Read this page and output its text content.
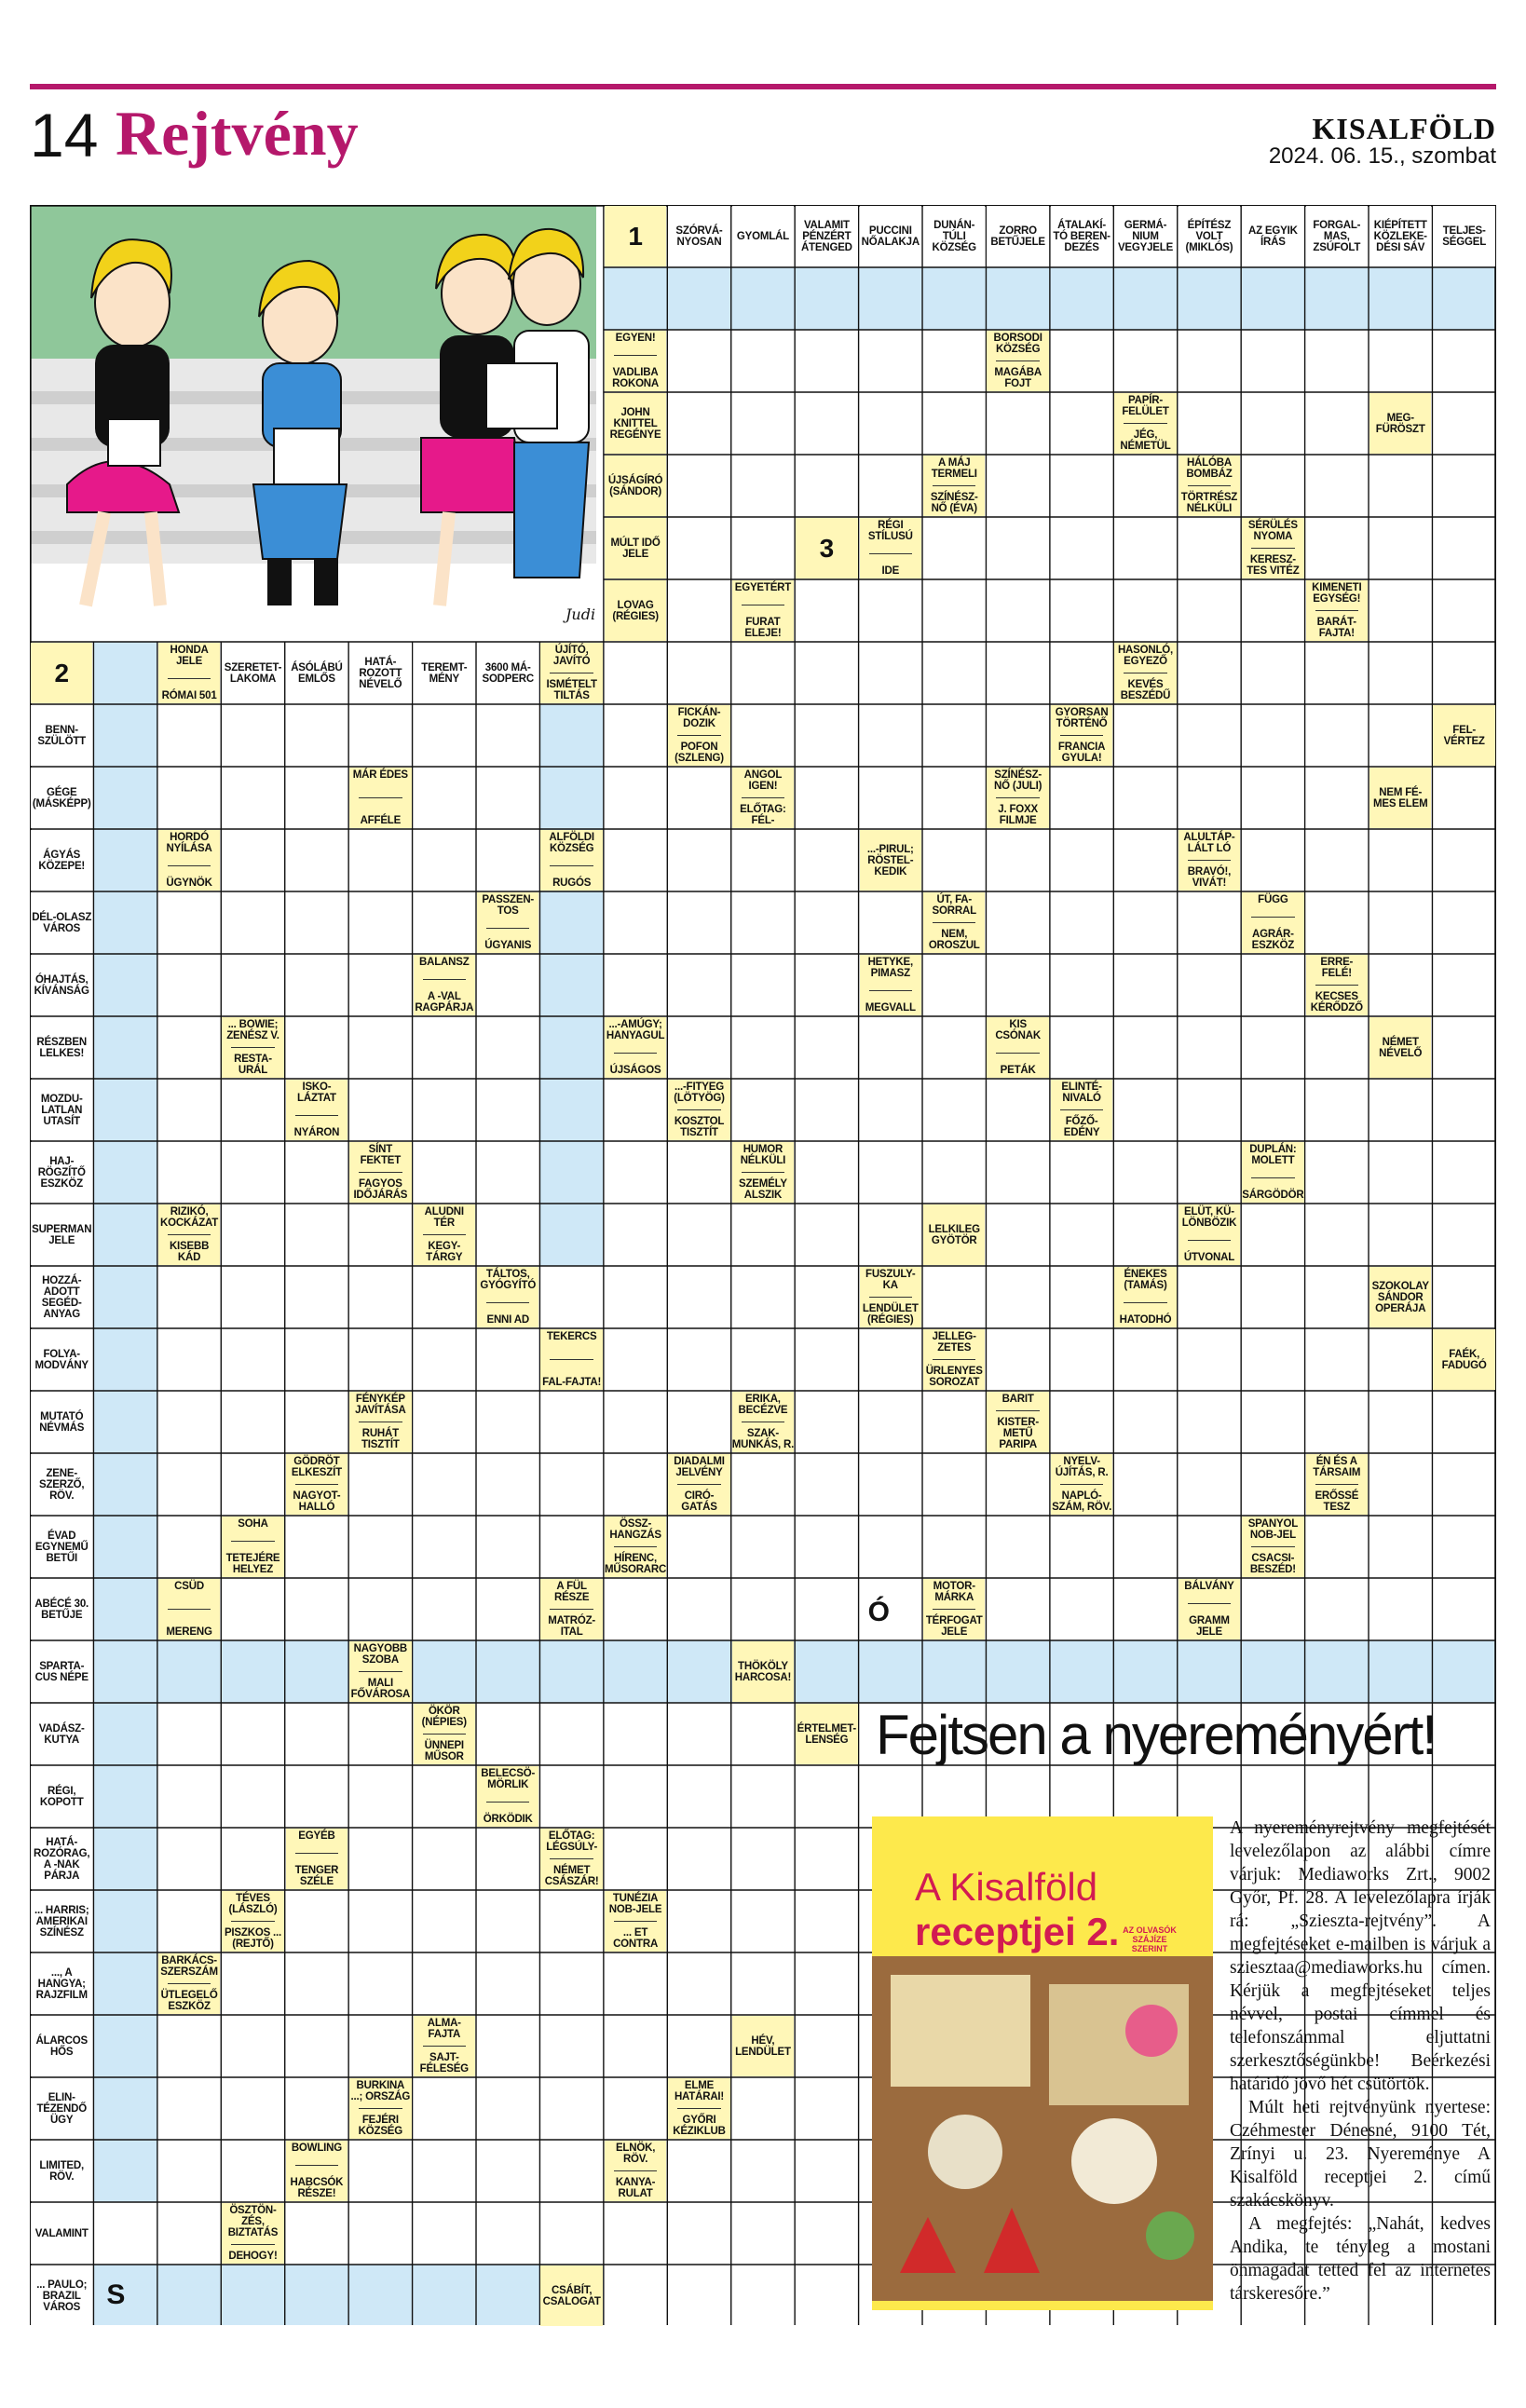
14 Rejtvény	KISALFÖLD
2024. 06. 15., szombat
Judi
1	SZÓRVÁ-NYOSAN	GYOMLÁL
VALAMIT PÉNZÉRT ÁTENGED
PUCCINI NŐALAKJA
DUNÁN-TÚLI KÖZSÉG
ZORRO BETŰJELE
ÁTALAKÍ-TÓ BEREN-DEZÉS
GERMÁ-NIUM VEGYJELE
ÉPÍTÉSZ VOLT (MIKLÓS)
AZ EGYIK ÍRÁS
FORGAL-MAS, ZSÚFOLT
KIÉPÍTETT KÖZLEKE-DÉSI SÁV
TELJES-SÉGGEL
2
BENN-SZÜLÖTT
GÉGE (MÁSKÉPP)
ÁGYÁS KÖZEPE!
DÉL-OLASZ VÁROS
ÓHAJTÁS, KÍVÁNSÁG
RÉSZBEN LELKES!
MOZDU-LATLAN UTASÍT
HAJ-RÖGZÍTŐ ESZKÖZ
SUPERMAN JELE
HOZZÁ-ADOTT SEGÉD-ANYAG
FOLYA-MODVÁNY
MUTATÓ NÉVMÁS
ZENE-SZERZŐ, RÖV.
ÉVAD EGYNEMŰ BETŰI
ABÉCÉ 30. BETŰJE
SPARTA-CUS NÉPE
VADÁSZ-KUTYA
RÉGI, KOPOTT
HATÁ-ROZÓRAG, A -NAK PÁRJA
... HARRIS; AMERIKAI SZÍNÉSZ
..., A HANGYA; RAJZFILM
ÁLARCOS HŐS
ELIN-TÉZENDŐ ÜGY
LIMITED, RÖV.
VALAMINT
... PAULO; BRAZIL VÁROS
HONDA JELE
RÓMAI 501
SZERETET-LAKOMA
ÁSÓLÁBÚ EMLŐS
HATÁ-ROZOTT NÉVELŐ
TEREMT-MÉNY
3600 MÁ-SODPERC
ÚJÍTÓ, JAVÍTÓ
ISMÉTELT TILTÁS
EGYEN!
VADLIBA ROKONA
JOHN KNITTEL REGÉNYE
ÚJSÁGÍRÓ (SÁNDOR)
MÚLT IDŐ JELE
LOVAG (RÉGIES)
BORSODI KÖZSÉG
MAGÁBA FOJT
PAPÍR-FELÜLET
JÉG, NÉMETÜL
MEG-FÜRÖSZT
A MÁJ TERMELI
SZÍNÉSZ-NŐ (ÉVA)
HÁLÓBA BOMBÁZ
TÖRTRÉSZ NÉLKÜLI
RÉGI STÍLUSÚ
IDE
SÉRÜLÉS NYOMA
KERESZ-TES VITÉZ
EGYETÉRT
FURAT ELEJE!
KIMENETI EGYSÉG!
BARÁT-FAJTA!
HASONLÓ, EGYEZŐ
KEVÉS BESZÉDŰ
FICKÁN-DOZIK
POFON (SZLENG)
GYORSAN TÖRTÉNŐ
FRANCIA GYULA!
FEL-VÉRTEZ
MÁR ÉDES
AFFÉLE
ANGOL IGEN!
ELŐTAG: FÉL-
SZÍNÉSZ-NŐ (JULI)
J. FOXX FILMJE
NEM FÉ-MES ELEM
HORDÓ NYÍLÁSA
ÜGYNÖK
ALFÖLDI KÖZSÉG
RUGÓS
...-PIRUL; RÖSTEL-KEDIK
ALULTÁP-LÁLT LÓ
BRAVÓ!, VIVÁT!
PASSZEN-TOS
ÚGYANIS
ÚT, FA-SORRAL
NEM, OROSZUL
FÜGG
AGRÁR-ESZKÖZ
BALANSZ
A -VAL RAGPÁRJA
HETYKE, PIMASZ
MEGVALL
ERRE-FELÉ!
KECSES KÉRŐDZŐ
... BOWIE; ZENÉSZ V.
RESTA-URÁL
...-AMÚGY; HANYAGUL
ÚJSÁGOS
KIS CSÓNAK
PETÁK
NÉMET NÉVELŐ
ISKO-LÁZTAT
NYÁRON
...-FITYEG (LÖTYÖG)
KOSZTOL TISZTÍT
ELINTÉ-NIVALÓ
FŐZŐ-EDÉNY
SÍNT FEKTET
FAGYOS IDŐJÁRÁS
HUMOR NÉLKÜLI
SZEMÉLY ALSZIK
DUPLÁN: MOLETT
SÁRGÖDÖR
RIZIKÓ, KOCKÁZAT
KISEBB KÁD
ALUDNI TÉR
KEGY-TÁRGY
LELKILEG GYÖTÖR
ELÜT, KÜ-LÖNBÖZIK
ÚTVONAL
TÁLTOS, GYÓGYÍTÓ
ENNI AD
FUSZULY-KA
LENDÜLET (RÉGIES)
ÉNEKES (TAMÁS)
HATODHÓ
SZOKOLAY SÁNDOR OPERÁJA
TEKERCS
FAL-FAJTA!
JELLEG-ZETES
ÜRLENYES SOROZAT
FAÉK, FADUGÓ
FÉNYKÉP JAVÍTÁSA
RUHÁT TISZTÍT
ERIKA, BECÉZVE
SZAK-MUNKÁS, R.
BARIT
KISTER-METŰ PARIPA
GÖDRÖT ELKESZÍT
NAGYOT-HALLÓ
DIADALMI JELVÉNY
CIRÓ-GATÁS
NYELV-ÚJÍTÁS, R.
NAPLÓ-SZÁM, RÖV.
ÉN ÉS A TÁRSAIM
ERŐSSÉ TESZ
SOHA
TETEJÉRE HELYEZ
ÖSSZ-HANGZÁS
HÍRENC, MŰSORARC
SPANYOL NOB-JEL
CSACSI-BESZÉD!
CSÜD
MERENG
A FÜL RÉSZE
MATRÓZ-ITAL
MOTOR-MÁRKA
TÉRFOGAT JELE
BÁLVÁNY
GRAMM JELE
NAGYOBB SZOBA
MALI FŐVÁROSA
THÖKÖLY HARCOSA!
ÖKÖR (NÉPIES)
ÜNNEPI MŰSOR
ÉRTELMET-LENSÉG
BELECSÖ-MÖRLIK
ÖRKÖDIK
EGYÉB
TENGER SZÉLE
ELŐTAG: LÉGSÚLY-
NÉMET CSÁSZÁR!
TÉVES (LÁSZLÓ)
PISZKOS ... (REJTŐ)
TUNÉZIA NOB-JELE
... ET CONTRA
BARKÁCS-SZERSZÁM
ÜTLEGELŐ ESZKÖZ
ALMA-FAJTA
SAJT-FÉLESÉG
HÉV, LENDÜLET
BURKINA ...; ORSZÁG
FEJÉRI KÖZSÉG
ELME HATÁRAI!
GYŐRI KÉZIKLUB
BOWLING
HABCSÓK RÉSZE!
ELNÖK, RÖV.
KANYA-RULAT
ÖSZTÖN-ZÉS, BIZTATÁS
DEHOGY!
CSÁBÍT, CSALOGAT
3
Ó
S
Fejtsen a nyereményért!
A Kisalföld
receptjei 2. AZ OLVASÓK SZÁJÍZE SZERINT

A nyereményrejtvény megfejtését levelezőlapon az alábbi címre várjuk: Mediaworks Zrt., 9002 Győr, Pf. 28. A levelezőlapra írják rá: „Szieszta-rejtvény”. A megfejtéseket e-mailben is várjuk a sziesztaa@mediaworks.hu címen. Kérjük a megfejtéseket teljes névvel, postai címmel és telefonszámmal eljuttatni szerkesztőségünkbe! Beérkezési határidő jövő hét csütörtök.

Múlt heti rejtvényünk nyertese: Czéhmester Dénesné, 9100 Tét, Zrínyi u. 23. Nyereménye A Kisalföld receptjei 2. című szakácskönyv.

A megfejtés: „Nahát, kedves Andika, te tényleg a mostani önmagadat tetted fel az internetes társkeresőre.”
